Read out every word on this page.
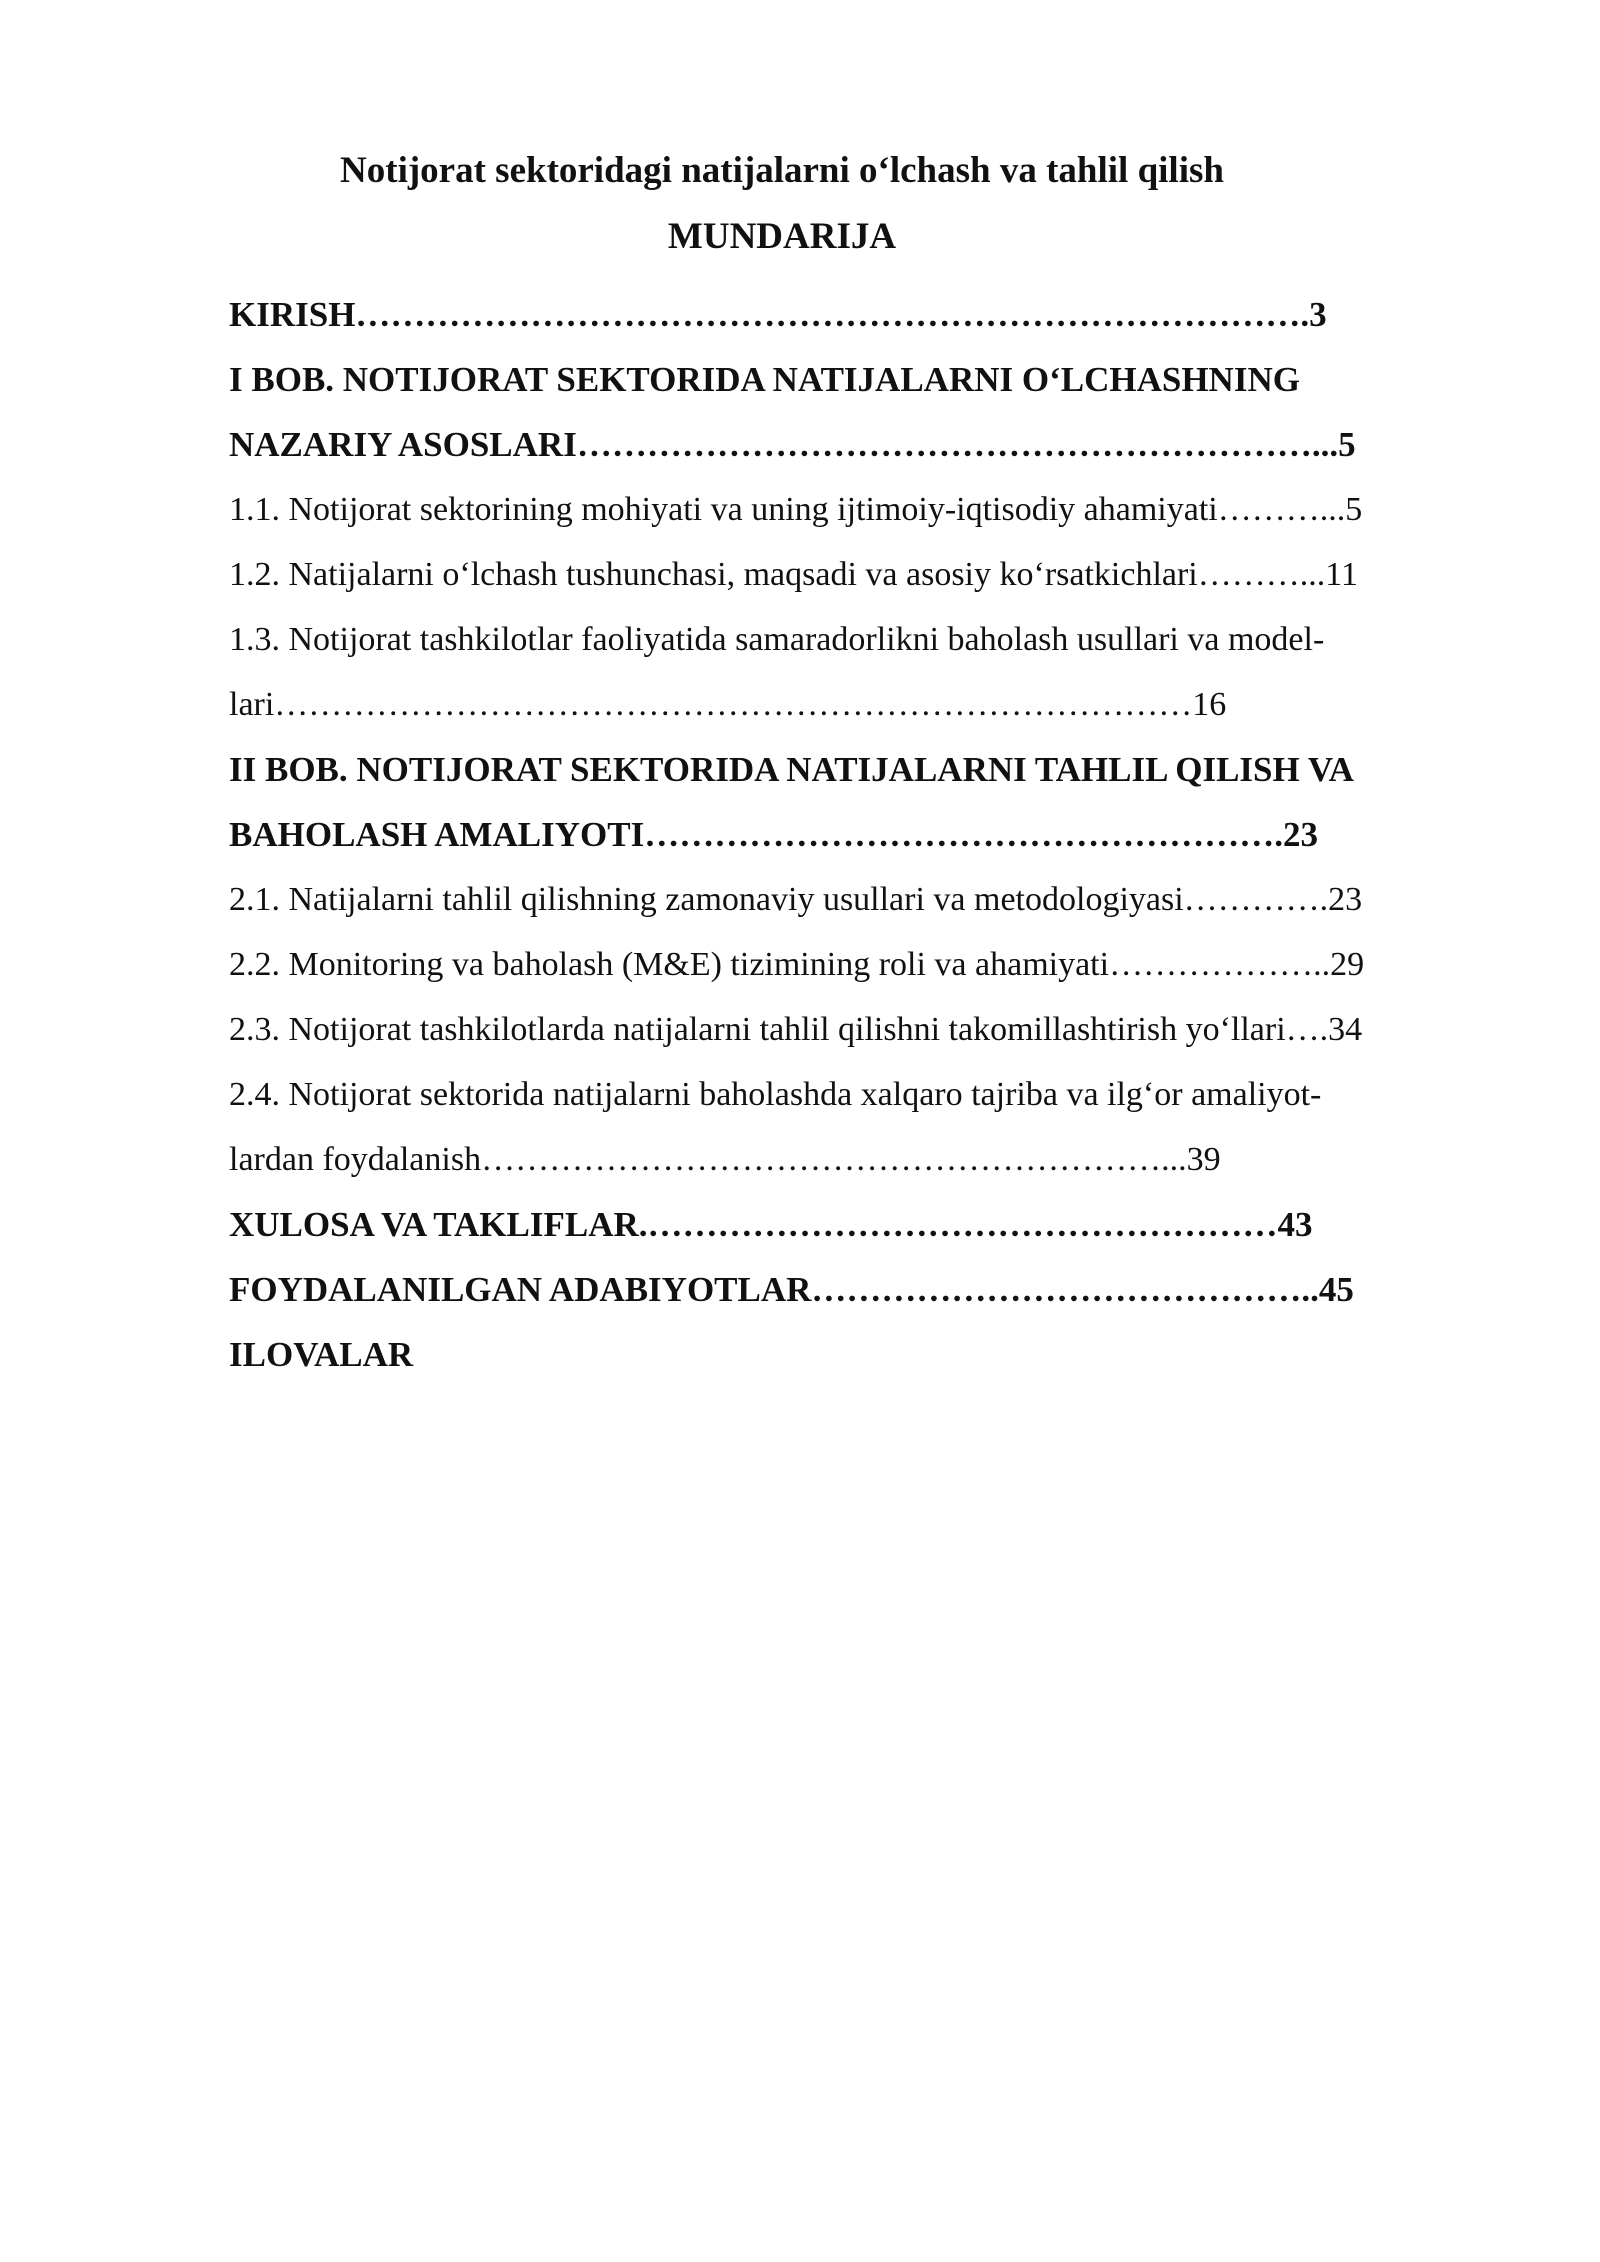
Notijorat sektoridagi natijalarni o‘lchash va tahlil qilish
MUNDARIJA
KIRISH……………………………………………………………………….3
I BOB. NOTIJORAT SEKTORIDA NATIJALARNI O‘LCHASHNING
NAZARIY ASOSLARI………………………………………………………...5
1.1. Notijorat sektorining mohiyati va uning ijtimoiy-iqtisodiy ahamiyati………...5
1.2. Natijalarni o‘lchash tushunchasi, maqsadi va asosiy ko‘rsatkichlari………...11
1.3. Notijorat tashkilotlar faoliyatida samaradorlikni baholash usullari va model-
lari………………………………………………………………………16
II BOB. NOTIJORAT SEKTORIDA NATIJALARNI TAHLIL QILISH VA
BAHOLASH AMALIYOTI……………………………………………….23
2.1. Natijalarni tahlil qilishning zamonaviy usullari va metodologiyasi………….23
2.2. Monitoring va baholash (M&E) tizimining roli va ahamiyati………………..29
2.3. Notijorat tashkilotlarda natijalarni tahlil qilishni takomillashtirish yo‘llari….34
2.4. Notijorat sektorida natijalarni baholashda xalqaro tajriba va ilg‘or amaliyot-
lardan foydalanish……………………………………………………...39
XULOSA VA TAKLIFLAR.………………………………………………43
FOYDALANILGAN ADABIYOTLAR……………………………………..45
ILOVALAR
